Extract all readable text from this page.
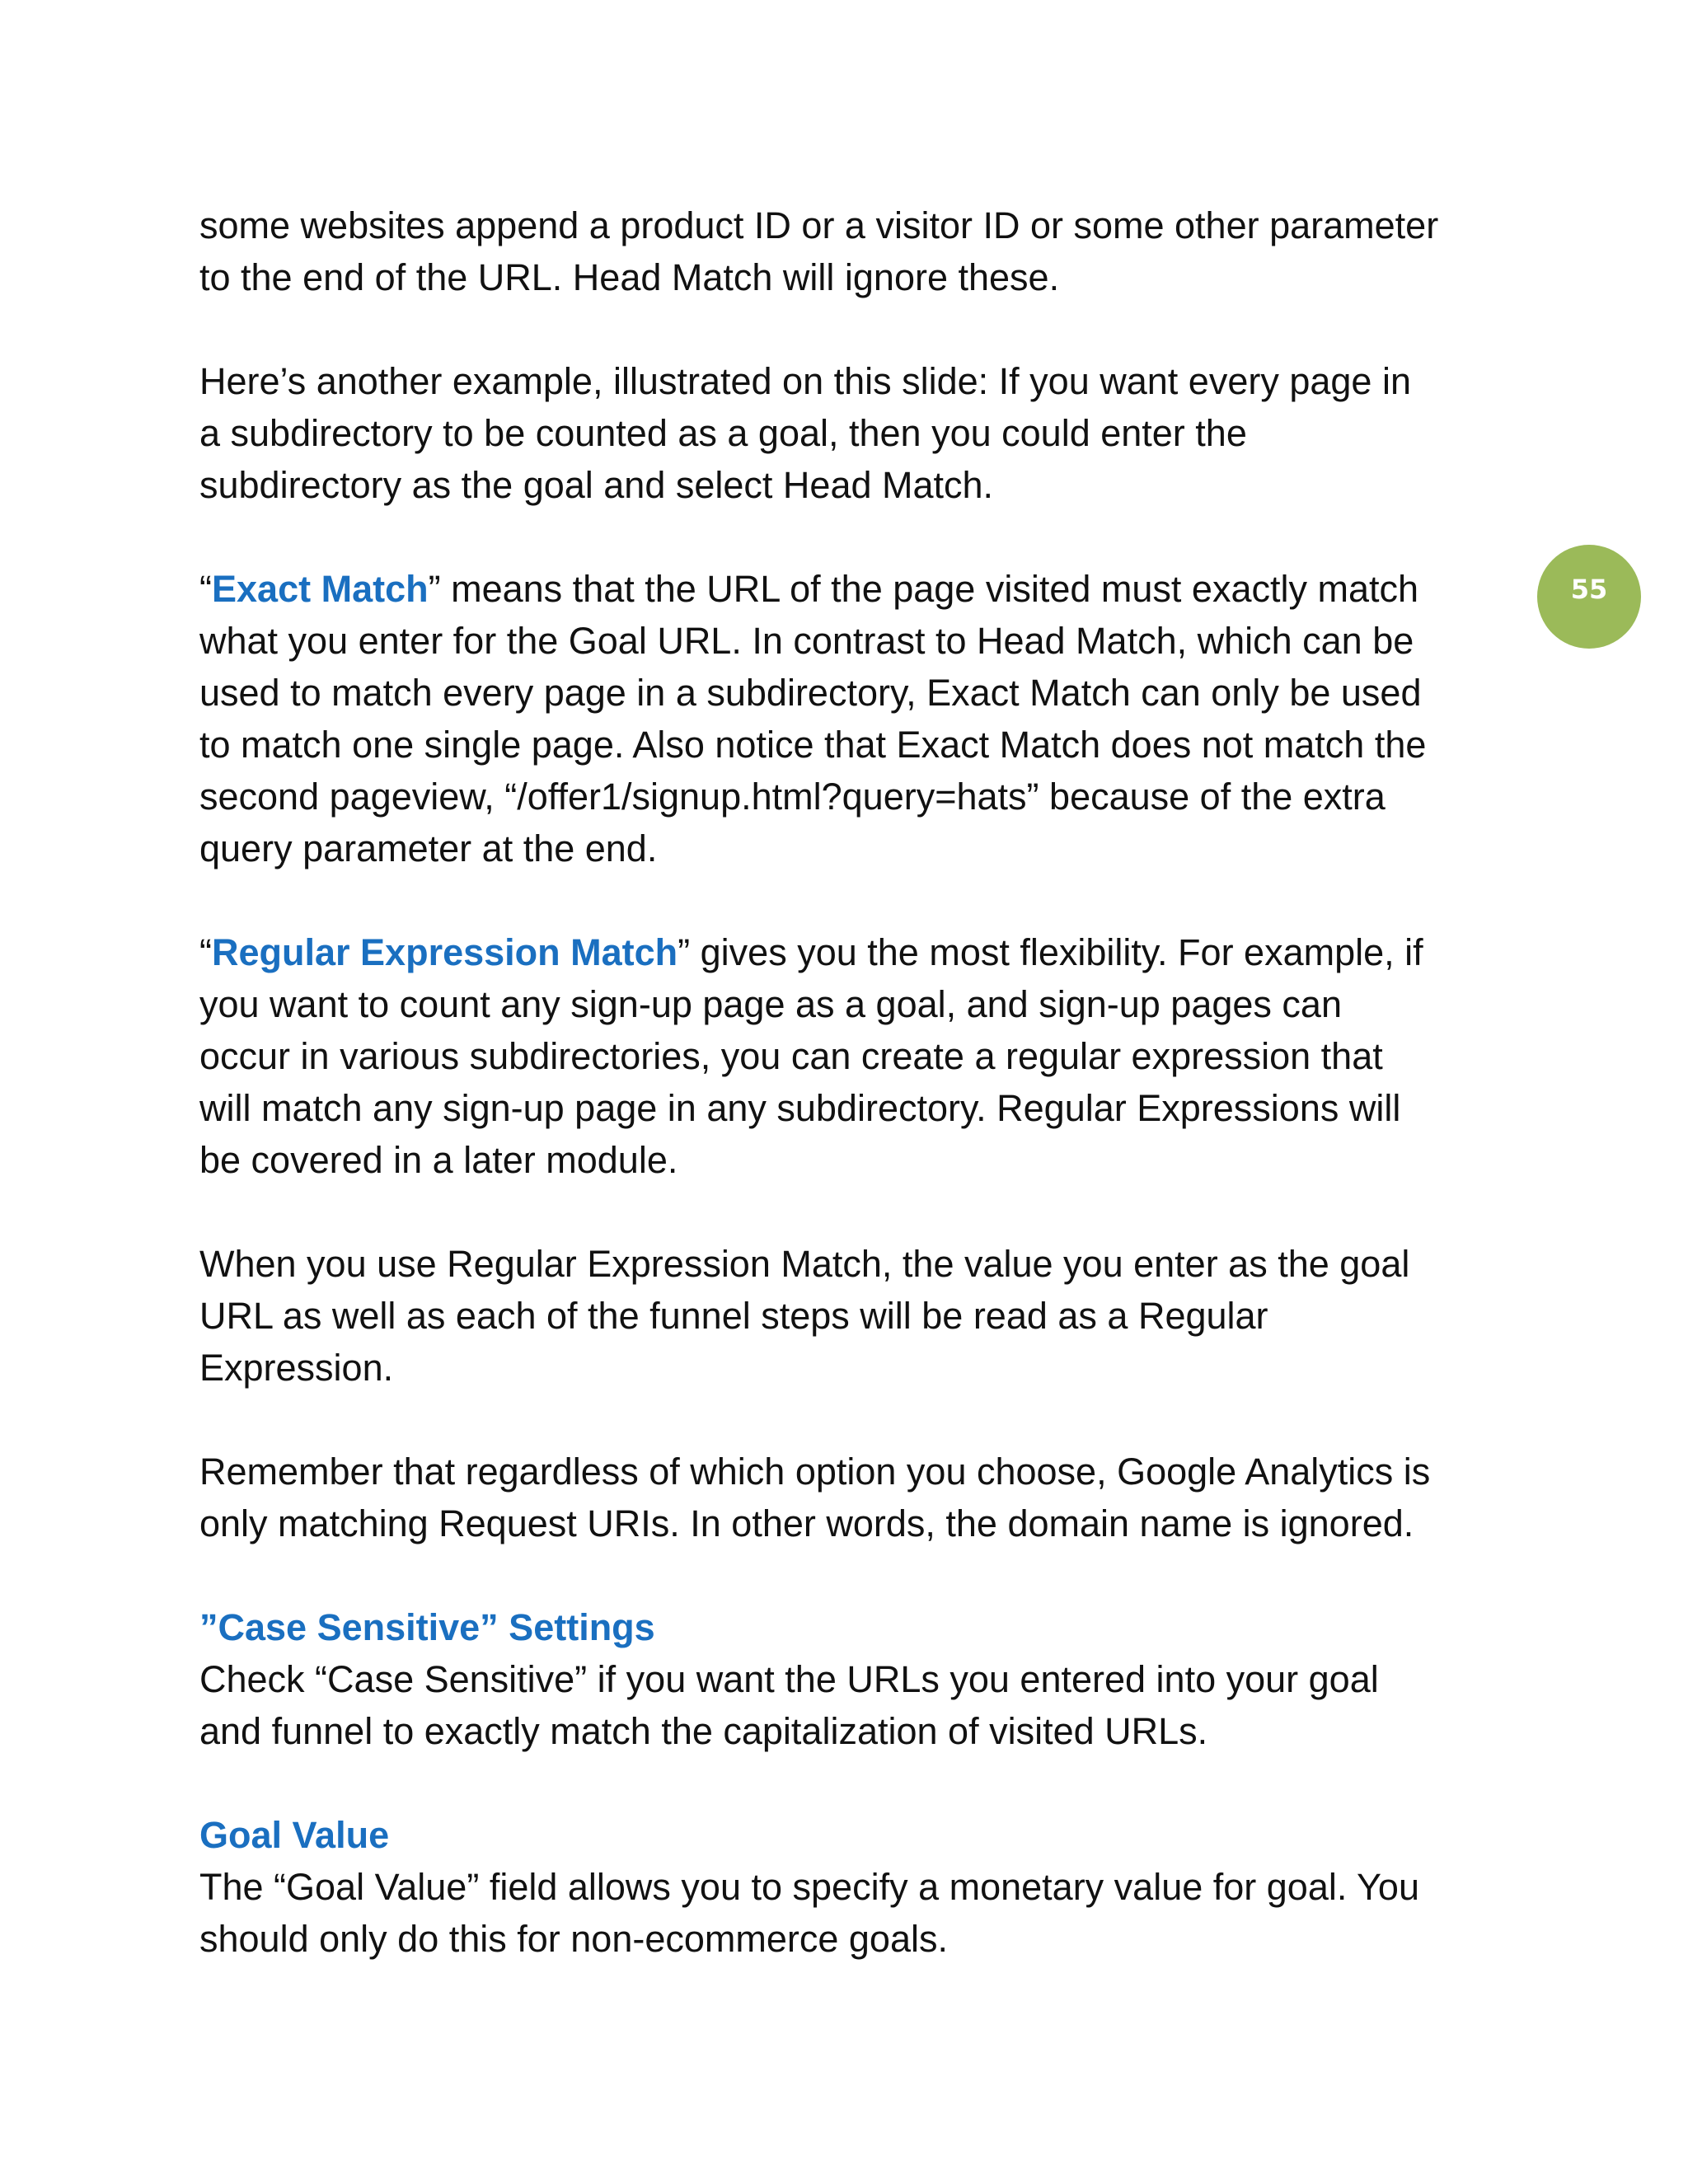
55

some websites append a product ID or a visitor ID or some other parameter
to the end of the URL. Head Match will ignore these.

Here’s another example, illustrated on this slide: If you want every page in
a subdirectory to be counted as a goal, then you could enter the
subdirectory as the goal and select Head Match.

“Exact Match” means that the URL of the page visited must exactly match
what you enter for the Goal URL. In contrast to Head Match, which can be
used to match every page in a subdirectory, Exact Match can only be used
to match one single page. Also notice that Exact Match does not match the
second pageview, “/offer1/signup.html?query=hats” because of the extra
query parameter at the end.

“Regular Expression Match” gives you the most flexibility. For example, if
you want to count any sign-up page as a goal, and sign-up pages can
occur in various subdirectories, you can create a regular expression that
will match any sign-up page in any subdirectory. Regular Expressions will
be covered in a later module.

When you use Regular Expression Match, the value you enter as the goal
URL as well as each of the funnel steps will be read as a Regular
Expression.

Remember that regardless of which option you choose, Google Analytics is
only matching Request URIs. In other words, the domain name is ignored.

”Case Sensitive” Settings
Check “Case Sensitive” if you want the URLs you entered into your goal
and funnel to exactly match the capitalization of visited URLs.

Goal Value
The “Goal Value” field allows you to specify a monetary value for goal. You
should only do this for non-ecommerce goals.
